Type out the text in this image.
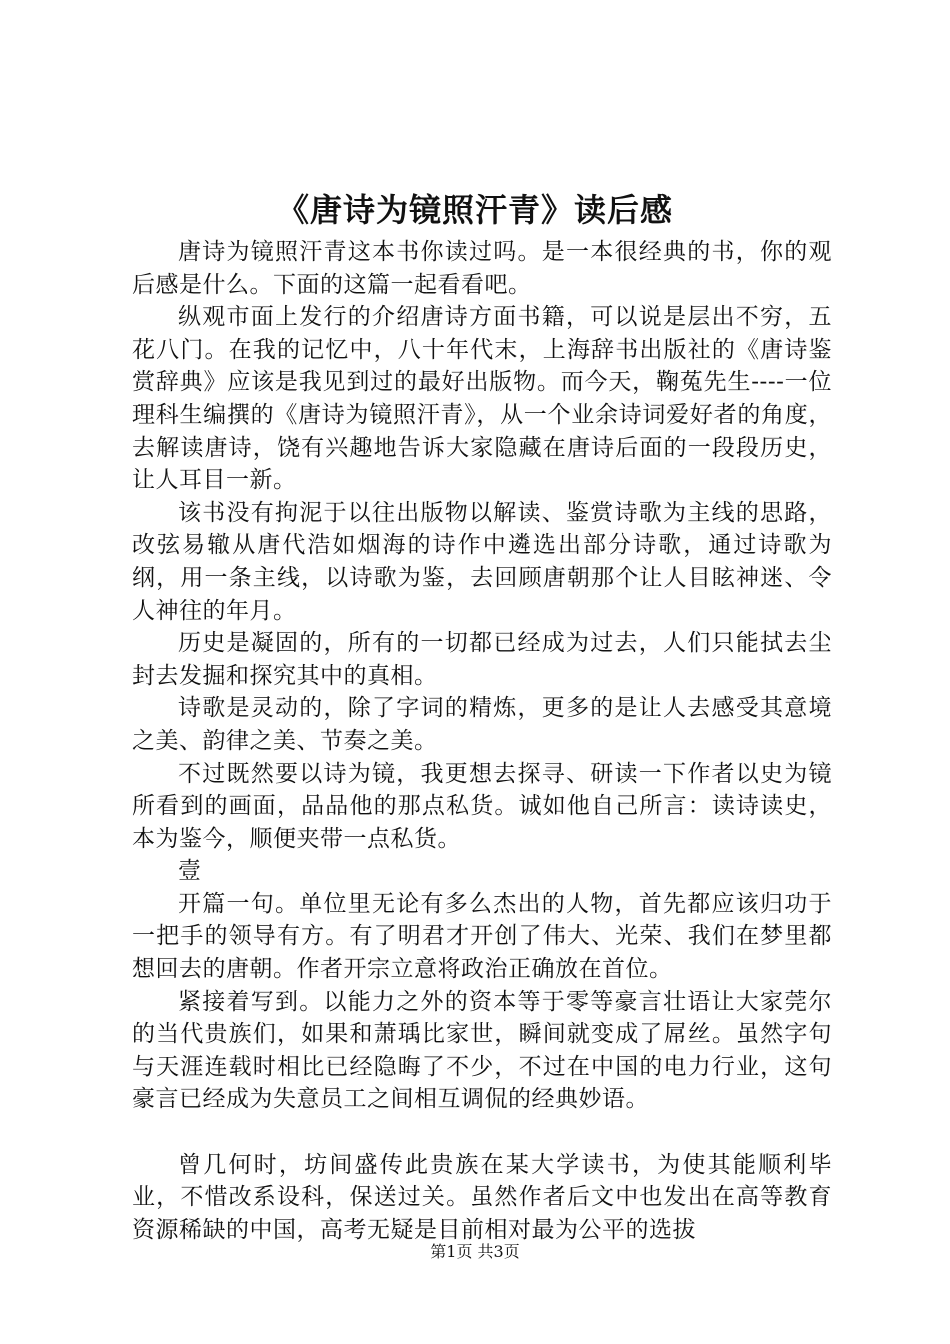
《唐诗为镜照汗青》读后感

唐诗为镜照汗青这本书你读过吗。是一本很经典的书，你的观后感是什么。下面的这篇一起看看吧。

纵观市面上发行的介绍唐诗方面书籍，可以说是层出不穷，五花八门。在我的记忆中，八十年代末，上海辞书出版社的《唐诗鉴赏辞典》应该是我见到过的最好出版物。而今天，鞠菟先生----一位理科生编撰的《唐诗为镜照汗青》，从一个业余诗词爱好者的角度，去解读唐诗，饶有兴趣地告诉大家隐藏在唐诗后面的一段段历史，让人耳目一新。

该书没有拘泥于以往出版物以解读、鉴赏诗歌为主线的思路，改弦易辙从唐代浩如烟海的诗作中遴选出部分诗歌，通过诗歌为纲，用一条主线，以诗歌为鉴，去回顾唐朝那个让人目眩神迷、令人神往的年月。

历史是凝固的，所有的一切都已经成为过去，人们只能拭去尘封去发掘和探究其中的真相。

诗歌是灵动的，除了字词的精炼，更多的是让人去感受其意境之美、韵律之美、节奏之美。

不过既然要以诗为镜，我更想去探寻、研读一下作者以史为镜所看到的画面，品品他的那点私货。诚如他自己所言：读诗读史，本为鉴今，顺便夹带一点私货。

壹

开篇一句。单位里无论有多么杰出的人物，首先都应该归功于一把手的领导有方。有了明君才开创了伟大、光荣、我们在梦里都想回去的唐朝。作者开宗立意将政治正确放在首位。

紧接着写到。以能力之外的资本等于零等豪言壮语让大家莞尔的当代贵族们，如果和萧瑀比家世，瞬间就变成了屌丝。虽然字句与天涯连载时相比已经隐晦了不少，不过在中国的电力行业，这句豪言已经成为失意员工之间相互调侃的经典妙语。

曾几何时，坊间盛传此贵族在某大学读书，为使其能顺利毕业，不惜改系设科，保送过关。虽然作者后文中也发出在高等教育资源稀缺的中国，高考无疑是目前相对最为公平的选拔

第1页 共3页
